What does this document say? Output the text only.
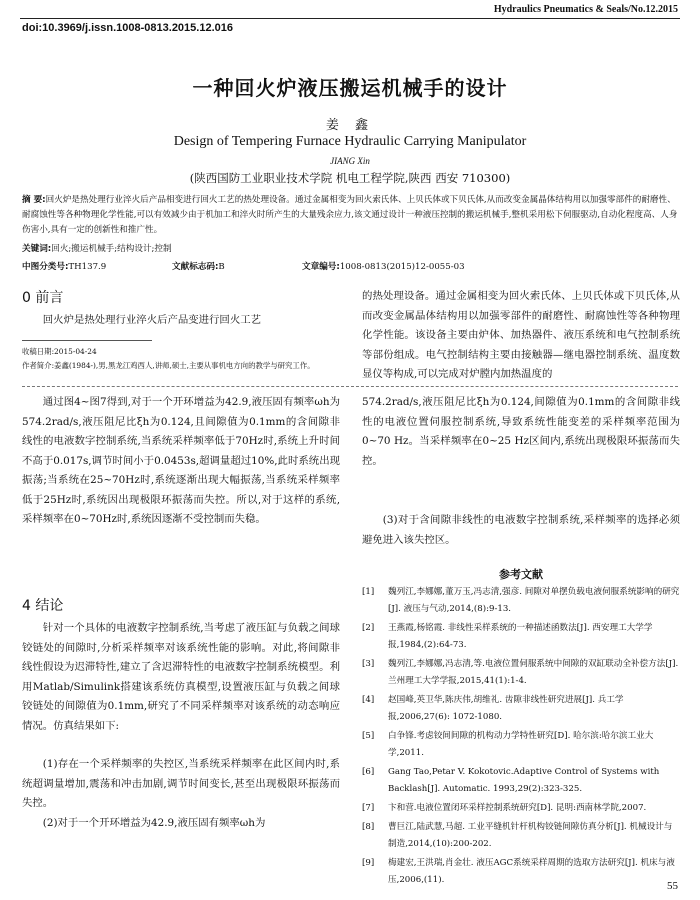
Hydraulics Pneumatics & Seals/No.12.2015
doi:10.3969/j.issn.1008-0813.2015.12.016
一种回火炉液压搬运机械手的设计
姜 鑫
Design of Tempering Furnace Hydraulic Carrying Manipulator
JIANG Xin
(陕西国防工业职业技术学院 机电工程学院,陕西 西安 710300)
摘 要:回火炉是热处理行业淬火后产品相变进行回火工艺的热处理设备。通过金属相变为回火索氏体、上贝氏体或下贝氏体,从而改变金属晶体结构用以加强零部件的耐磨性、耐腐蚀性等各种物理化学性能,可以有效减少由于机加工和淬火时所产生的大量残余应力,该文通过设计一种液压控制的搬运机械手,整机采用松下伺服驱动,自动化程度高、人身伤害小,具有一定的创新性和推广性。
关键词:回火;搬运机械手;结构设计;控制
中图分类号:TH137.9	文献标志码:B	文章编号:1008-0813(2015)12-0055-03
0 前言
回火炉是热处理行业淬火后产品变进行回火工艺
收稿日期:2015-04-24
作者简介:姜鑫(1984-),男,黑龙江鸡西人,讲师,硕士,主要从事机电方向的教学与研究工作。
的热处理设备。通过金属相变为回火索氏体、上贝氏体或下贝氏体,从而改变金属晶体结构用以加强零部件的耐磨性、耐腐蚀性等各种物理化学性能。该设备主要由炉体、加热器件、液压系统和电气控制系统等部份组成。电气控制结构主要由接触器—继电器控制系统、温度数显仪等构成,可以完成对炉膛内加热温度的
通过图4~图7得到,对于一个开环增益为42.9,液压固有频率ωh为574.2rad/s,液压阻尼比ξh为0.124,且间隙值为0.1mm的含间隙非线性的电液数字控制系统,当系统采样频率低于70Hz时,系统上升时间不高于0.017s,调节时间小于0.0453s,超调量超过10%,此时系统出现振荡;当系统在25~70Hz时,系统逐渐出现大幅振荡,当系统采样频率低于25Hz时,系统因出现极限环振荡而失控。所以,对于这样的系统,采样频率在0~70Hz时,系统因逐渐不受控制而失稳。
4 结论
针对一个具体的电液数字控制系统,当考虑了液压缸与负载之间球铰链处的间隙时,分析采样频率对该系统性能的影响。对此,将间隙非线性假设为迟滞特性,建立了含迟滞特性的电液数字控制系统模型。利用Matlab/Simulink搭建该系统仿真模型,设置液压缸与负载之间球铰链处的间隙值为0.1mm,研究了不同采样频率对该系统的动态响应情况。仿真结果如下:
(1)存在一个采样频率的失控区,当系统采样频率在此区间内时,系统超调量增加,震荡和冲击加剧,调节时间变长,甚至出现极限环振荡而失控。
(2)对于一个开环增益为42.9,液压固有频率ωh为
574.2rad/s,液压阻尼比ξh为0.124,间隙值为0.1mm的含间隙非线性的电液位置伺服控制系统,导致系统性能变差的采样频率范围为0~70 Hz。当采样频率在0~25 Hz区间内,系统出现极限环振荡而失控。
(3)对于含间隙非线性的电液数字控制系统,采样频率的选择必须避免进入该失控区。
参考文献
[1] 魏列江,李娜娜,董万玉,冯志清,强彦. 间隙对单摆负载电液伺服系统影响的研究[J]. 液压与气动,2014,(8):9-13.
[2] 王燕霞,杨铭霞. 非线性采样系统的一种描述函数法[J]. 西安理工大学学报,1984,(2):64-73.
[3] 魏列江,李娜娜,冯志清,等.电液位置伺服系统中间隙的双缸联动全补偿方法[J].兰州理工大学学报,2015,41(1):1-4.
[4] 赵国峰,英卫华,陈庆伟,胡维礼. 齿隙非线性研究进展[J]. 兵工学报,2006,27(6): 1072-1080.
[5] 白争锋.考虑铰间间隙的机构动力学特性研究[D]. 哈尔滨:哈尔滨工业大学,2011.
[6] Gang Tao,Petar V. Kokotovic.Adaptive Control of Systems with Backlash[J]. Automatic. 1993,29(2):323-325.
[7] 卞和营.电液位置闭环采样控制系统研究[D]. 昆明:西南林学院,2007.
[8] 曹巨江,陆武慧,马超. 工业平缝机针杆机构铰链间隙仿真分析[J]. 机械设计与制造,2014,(10):200-202.
[9] 梅建宏,王洪瑞,肖金壮. 液压AGC系统采样周期的选取方法研究[J]. 机床与液压,2006,(11).	55
